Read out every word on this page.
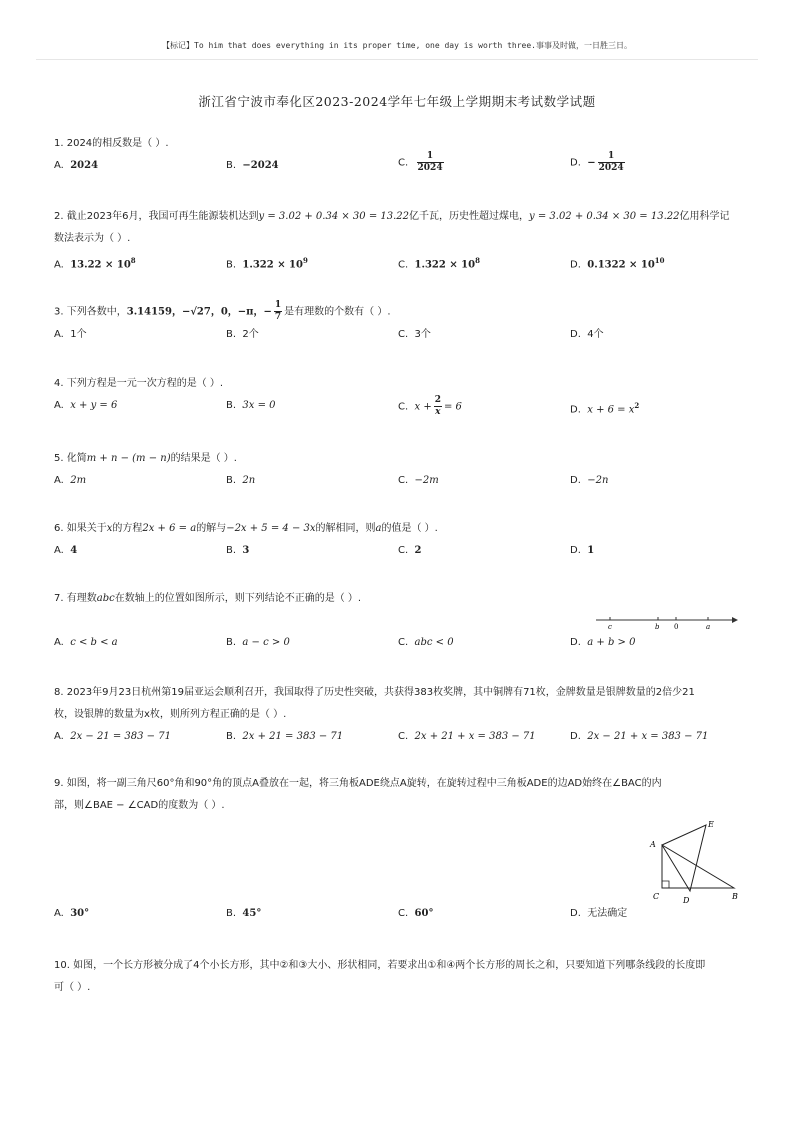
【标记】To him that does everything in its proper time, one day is worth three.事事及时做，一日胜三日。
浙江省宁波市奉化区2023-2024学年七年级上学期期末考试数学试题
1. 2024的相反数是（ ）.
A. 2024	B. −2024	C. $\frac{1}{2024}$	D. − $\frac{1}{2024}$
2. 截止2023年6月，我国可再生能源装机达到y = 3.02 + 0.34 × 30 = 13.22亿千瓦，历史性超过煤电，y = 3.02 + 0.34 × 30 = 13.22亿用科学记
数法表示为（ ）.
A. $13.22 \times 10^8$	B. $1.322 \times 10^9$	C. $1.322 \times 10^8$	D. $0.1322 \times 10^{10}$
3. 下列各数中，3.14159，−√27，0，−π，− $\frac{1}{7}$ 是有理数的个数有（ ）.
A. 1个	B. 2个	C. 3个	D. 4个
4. 下列方程是一元一次方程的是（ ）.
A. x + y = 6	B. 3x = 0	C. $x + \frac{2}{x} = 6$	D. $x + 6 = x^2$
5. 化简m + n − (m − n)的结果是（ ）.
A. 2m	B. 2n	C. −2m	D. −2n
6. 如果关于x的方程2x + 6 = a的解与−2x + 5 = 4 − 3x的解相同，则a的值是（ ）.
A. 4	B. 3	C. 2	D. 1
7. 有理数abc在数轴上的位置如图所示，则下列结论不正确的是（ ）.
A. c < b < a	B. a − c > 0	C. abc < 0	D. a + b > 0
c	b 0	a
8. 2023年9月23日杭州第19届亚运会顺利召开，我国取得了历史性突破，共获得383枚奖牌，其中铜牌有71枚，金牌数量是银牌数量的2倍少21
枚，设银牌的数量为x枚，则所列方程正确的是（ ）.
A. 2x − 21 = 383 − 71	B. 2x + 21 = 383 − 71	C. 2x + 21 + x = 383 − 71	D. 2x − 21 + x = 383 − 71
9. 如图，将一副三角尺60°角和90°角的顶点A叠放在一起，将三角板ADE绕点A旋转，在旋转过程中三角板ADE的边AD始终在∠BAC的内
部，则∠BAE − ∠CAD的度数为（ ）.
A. 30°	B. 45°	C. 60°	D. 无法确定
A
E
C	D	B
10. 如图，一个长方形被分成了4个小长方形，其中②和③大小、形状相同，若要求出①和④两个长方形的周长之和，只要知道下列哪条线段的长度即
可（ ）.
